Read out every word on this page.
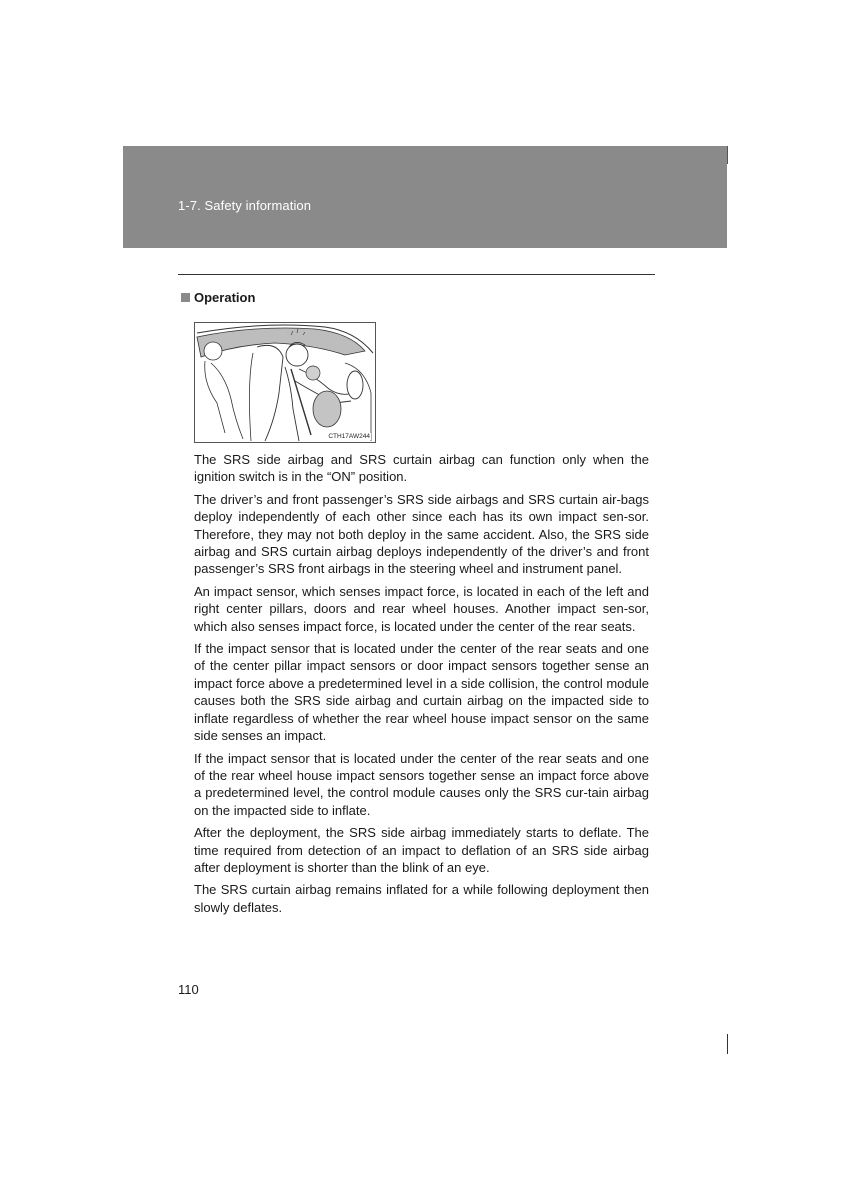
1-7. Safety information
Operation
CTH17AW244

The SRS side airbag and SRS curtain airbag can function only when the ignition switch is in the “ON” position.

The driver’s and front passenger’s SRS side airbags and SRS curtain air-bags deploy independently of each other since each has its own impact sen-sor. Therefore, they may not both deploy in the same accident. Also, the SRS side airbag and SRS curtain airbag deploys independently of the driver’s and front passenger’s SRS front airbags in the steering wheel and instrument panel.

An impact sensor, which senses impact force, is located in each of the left and right center pillars, doors and rear wheel houses. Another impact sen-sor, which also senses impact force, is located under the center of the rear seats.

If the impact sensor that is located under the center of the rear seats and one of the center pillar impact sensors or door impact sensors together sense an impact force above a predetermined level in a side collision, the control module causes both the SRS side airbag and curtain airbag on the impacted side to inflate regardless of whether the rear wheel house impact sensor on the same side senses an impact.

If the impact sensor that is located under the center of the rear seats and one of the rear wheel house impact sensors together sense an impact force above a predetermined level, the control module causes only the SRS cur-tain airbag on the impacted side to inflate.

After the deployment, the SRS side airbag immediately starts to deflate. The time required from detection of an impact to deflation of an SRS side airbag after deployment is shorter than the blink of an eye.

The SRS curtain airbag remains inflated for a while following deployment then slowly deflates.

110
